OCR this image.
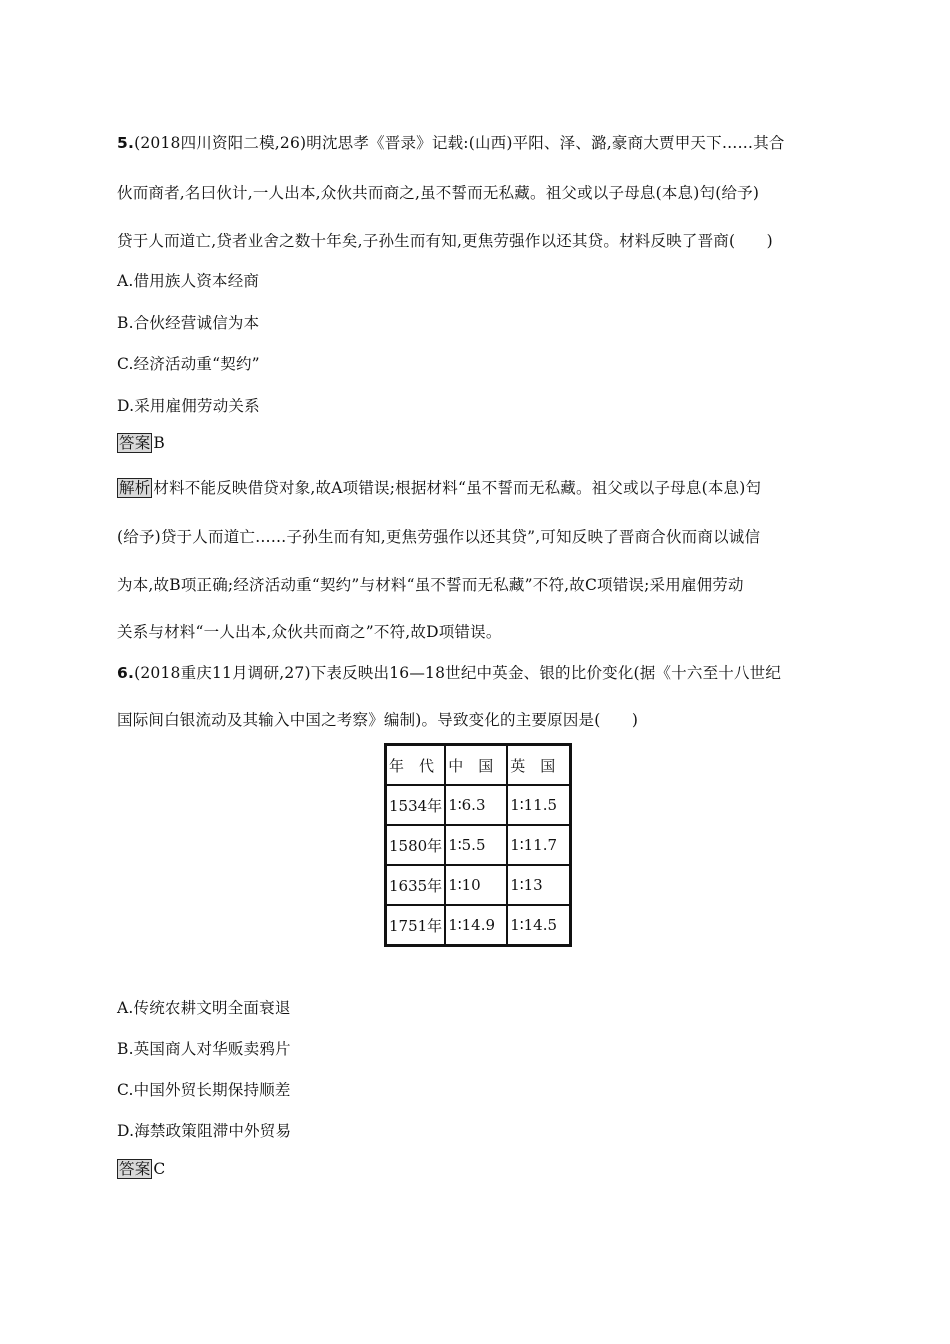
5.(2018四川资阳二模,26)明沈思孝《晋录》记载:(山西)平阳、泽、潞,豪商大贾甲天下……其合
伙而商者,名曰伙计,一人出本,众伙共而商之,虽不誓而无私藏。祖父或以子母息(本息)匄(给予)
贷于人而道亡,贷者业舍之数十年矣,子孙生而有知,更焦劳强作以还其贷。材料反映了晋商(　　)
A.借用族人资本经商
B.合伙经营诚信为本
C.经济活动重“契约”
D.采用雇佣劳动关系
答案 B
解析 材料不能反映借贷对象,故A项错误;根据材料“虽不誓而无私藏。祖父或以子母息(本息)匄
(给予)贷于人而道亡……子孙生而有知,更焦劳强作以还其贷”,可知反映了晋商合伙而商以诚信
为本,故B项正确;经济活动重“契约”与材料“虽不誓而无私藏”不符,故C项错误;采用雇佣劳动
关系与材料“一人出本,众伙共而商之”不符,故D项错误。
6.(2018重庆11月调研,27)下表反映出16—18世纪中英金、银的比价变化(据《十六至十八世纪
国际间白银流动及其输入中国之考察》编制)。导致变化的主要原因是(　　)
年　代	中　国	英　国
1534年	1∶6.3	1∶11.5
1580年	1∶5.5	1∶11.7
1635年	1∶10	1∶13
1751年	1∶14.9	1∶14.5
A.传统农耕文明全面衰退
B.英国商人对华贩卖鸦片
C.中国外贸长期保持顺差
D.海禁政策阻滞中外贸易
答案 C
